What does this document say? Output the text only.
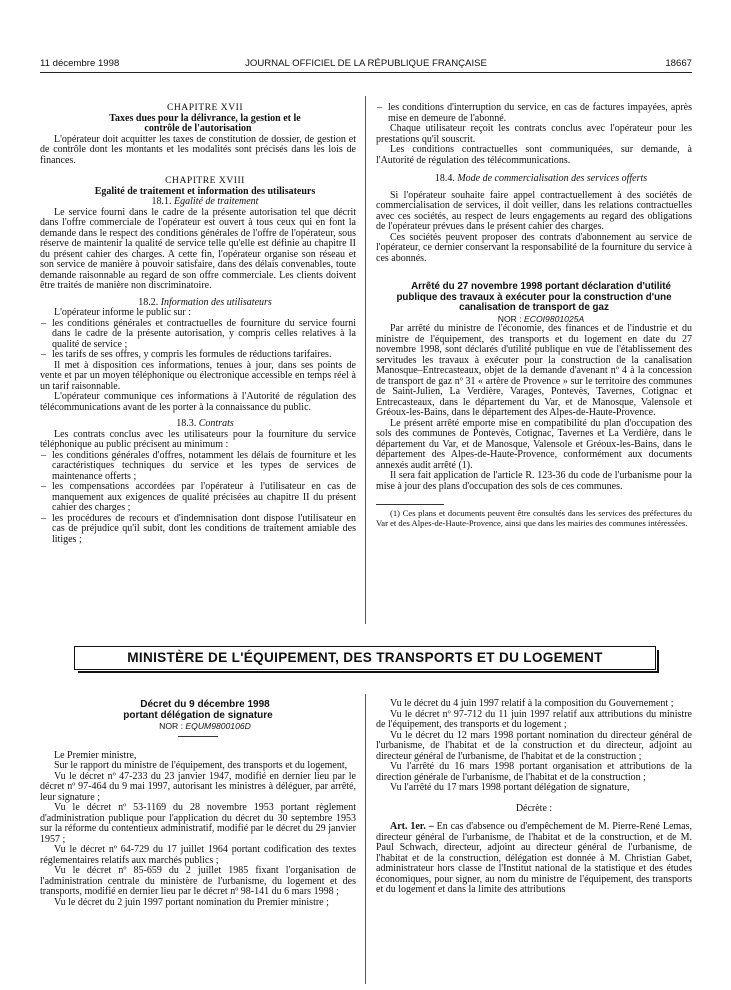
11 décembre 1998	JOURNAL OFFICIEL DE LA RÉPUBLIQUE FRANÇAISE	18667

CHAPITRE XVII

Taxes dues pour la délivrance, la gestion et le contrôle de l'autorisation

L'opérateur doit acquitter les taxes de constitution de dossier, de gestion et de contrôle dont les montants et les modalités sont précisés dans les lois de finances.

CHAPITRE XVIII

Egalité de traitement et information des utilisateurs

18.1. Egalité de traitement

Le service fourni dans le cadre de la présente autorisation tel que décrit dans l'offre commerciale de l'opérateur est ouvert à tous ceux qui en font la demande dans le respect des conditions générales de l'offre de l'opérateur, sous réserve de maintenir la qualité de service telle qu'elle est définie au chapitre II du présent cahier des charges. A cette fin, l'opérateur organise son réseau et son service de manière à pouvoir satisfaire, dans des délais convenables, toute demande raisonnable au regard de son offre commerciale. Les clients doivent être traités de manière non discriminatoire.

18.2. Information des utilisateurs

L'opérateur informe le public sur :

– les conditions générales et contractuelles de fourniture du service fourni dans le cadre de la présente autorisation, y compris celles relatives à la qualité de service ;
– les tarifs de ses offres, y compris les formules de réductions tarifaires.

Il met à disposition ces informations, tenues à jour, dans ses points de vente et par un moyen téléphonique ou électronique accessible en temps réel à un tarif raisonnable.

L'opérateur communique ces informations à l'Autorité de régulation des télécommunications avant de les porter à la connaissance du public.

18.3. Contrats

Les contrats conclus avec les utilisateurs pour la fourniture du service téléphonique au public précisent au minimum :

– les conditions générales d'offres, notamment les délais de fourniture et les caractéristiques techniques du service et les types de services de maintenance offerts ;
– les compensations accordées par l'opérateur à l'utilisateur en cas de manquement aux exigences de qualité précisées au chapitre II du présent cahier des charges ;
– les procédures de recours et d'indemnisation dont dispose l'utilisateur en cas de préjudice qu'il subit, dont les conditions de traitement amiable des litiges ;
– les conditions d'interruption du service, en cas de factures impayées, après mise en demeure de l'abonné.

Chaque utilisateur reçoit les contrats conclus avec l'opérateur pour les prestations qu'il souscrit.

Les conditions contractuelles sont communiquées, sur demande, à l'Autorité de régulation des télécommunications.

18.4. Mode de commercialisation des services offerts

Si l'opérateur souhaite faire appel contractuellement à des sociétés de commercialisation de services, il doit veiller, dans les relations contractuelles avec ces sociétés, au respect de leurs engagements au regard des obligations de l'opérateur prévues dans le présent cahier des charges.

Ces sociétés peuvent proposer des contrats d'abonnement au service de l'opérateur, ce dernier conservant la responsabilité de la fourniture du service à ces abonnés.

Arrêté du 27 novembre 1998 portant déclaration d'utilité publique des travaux à exécuter pour la construction d'une canalisation de transport de gaz

NOR : ECOI9801025A

Par arrêté du ministre de l'économie, des finances et de l'industrie et du ministre de l'équipement, des transports et du logement en date du 27 novembre 1998, sont déclarés d'utilité publique en vue de l'établissement des servitudes les travaux à exécuter pour la construction de la canalisation Manosque–Entrecasteaux, objet de la demande d'avenant nº 4 à la concession de transport de gaz nº 31 « artère de Provence » sur le territoire des communes de Saint-Julien, La Verdière, Varages, Pontevès, Tavernes, Cotignac et Entrecasteaux, dans le département du Var, et de Manosque, Valensole et Gréoux-les-Bains, dans le département des Alpes-de-Haute-Provence.

Le présent arrêté emporte mise en compatibilité du plan d'occupation des sols des communes de Pontevès, Cotignac, Tavernes et La Verdière, dans le département du Var, et de Manosque, Valensole et Gréoux-les-Bains, dans le département des Alpes-de-Haute-Provence, conformément aux documents annexés audit arrêté (1).

Il sera fait application de l'article R. 123-36 du code de l'urbanisme pour la mise à jour des plans d'occupation des sols de ces communes.

(1) Ces plans et documents peuvent être consultés dans les services des préfectures du Var et des Alpes-de-Haute-Provence, ainsi que dans les mairies des communes intéressées.

MINISTÈRE DE L'ÉQUIPEMENT, DES TRANSPORTS ET DU LOGEMENT

Décret du 9 décembre 1998
portant délégation de signature

NOR : EQUM9800106D

Le Premier ministre,

Sur le rapport du ministre de l'équipement, des transports et du logement,

Vu le décret nº 47-233 du 23 janvier 1947, modifié en dernier lieu par le décret nº 97-464 du 9 mai 1997, autorisant les ministres à déléguer, par arrêté, leur signature ;

Vu le décret nº 53-1169 du 28 novembre 1953 portant règlement d'administration publique pour l'application du décret du 30 septembre 1953 sur la réforme du contentieux administratif, modifié par le décret du 29 janvier 1957 ;

Vu le décret nº 64-729 du 17 juillet 1964 portant codification des textes réglementaires relatifs aux marchés publics ;

Vu le décret nº 85-659 du 2 juillet 1985 fixant l'organisation de l'administration centrale du ministère de l'urbanisme, du logement et des transports, modifié en dernier lieu par le décret nº 98-141 du 6 mars 1998 ;

Vu le décret du 2 juin 1997 portant nomination du Premier ministre ;

Vu le décret du 4 juin 1997 relatif à la composition du Gouvernement ;

Vu le décret nº 97-712 du 11 juin 1997 relatif aux attributions du ministre de l'équipement, des transports et du logement ;

Vu le décret du 12 mars 1998 portant nomination du directeur général de l'urbanisme, de l'habitat et de la construction et du directeur, adjoint au directeur général de l'urbanisme, de l'habitat et de la construction ;

Vu l'arrêté du 16 mars 1998 portant organisation et attributions de la direction générale de l'urbanisme, de l'habitat et de la construction ;

Vu l'arrêté du 17 mars 1998 portant délégation de signature,

Décrète :

Art. 1er. – En cas d'absence ou d'empêchement de M. Pierre-René Lemas, directeur général de l'urbanisme, de l'habitat et de la construction, et de M. Paul Schwach, directeur, adjoint au directeur général de l'urbanisme, de l'habitat et de la construction, délégation est donnée à M. Christian Gabet, administrateur hors classe de l'Institut national de la statistique et des études économiques, pour signer, au nom du ministre de l'équipement, des transports et du logement et dans la limite des attributions
